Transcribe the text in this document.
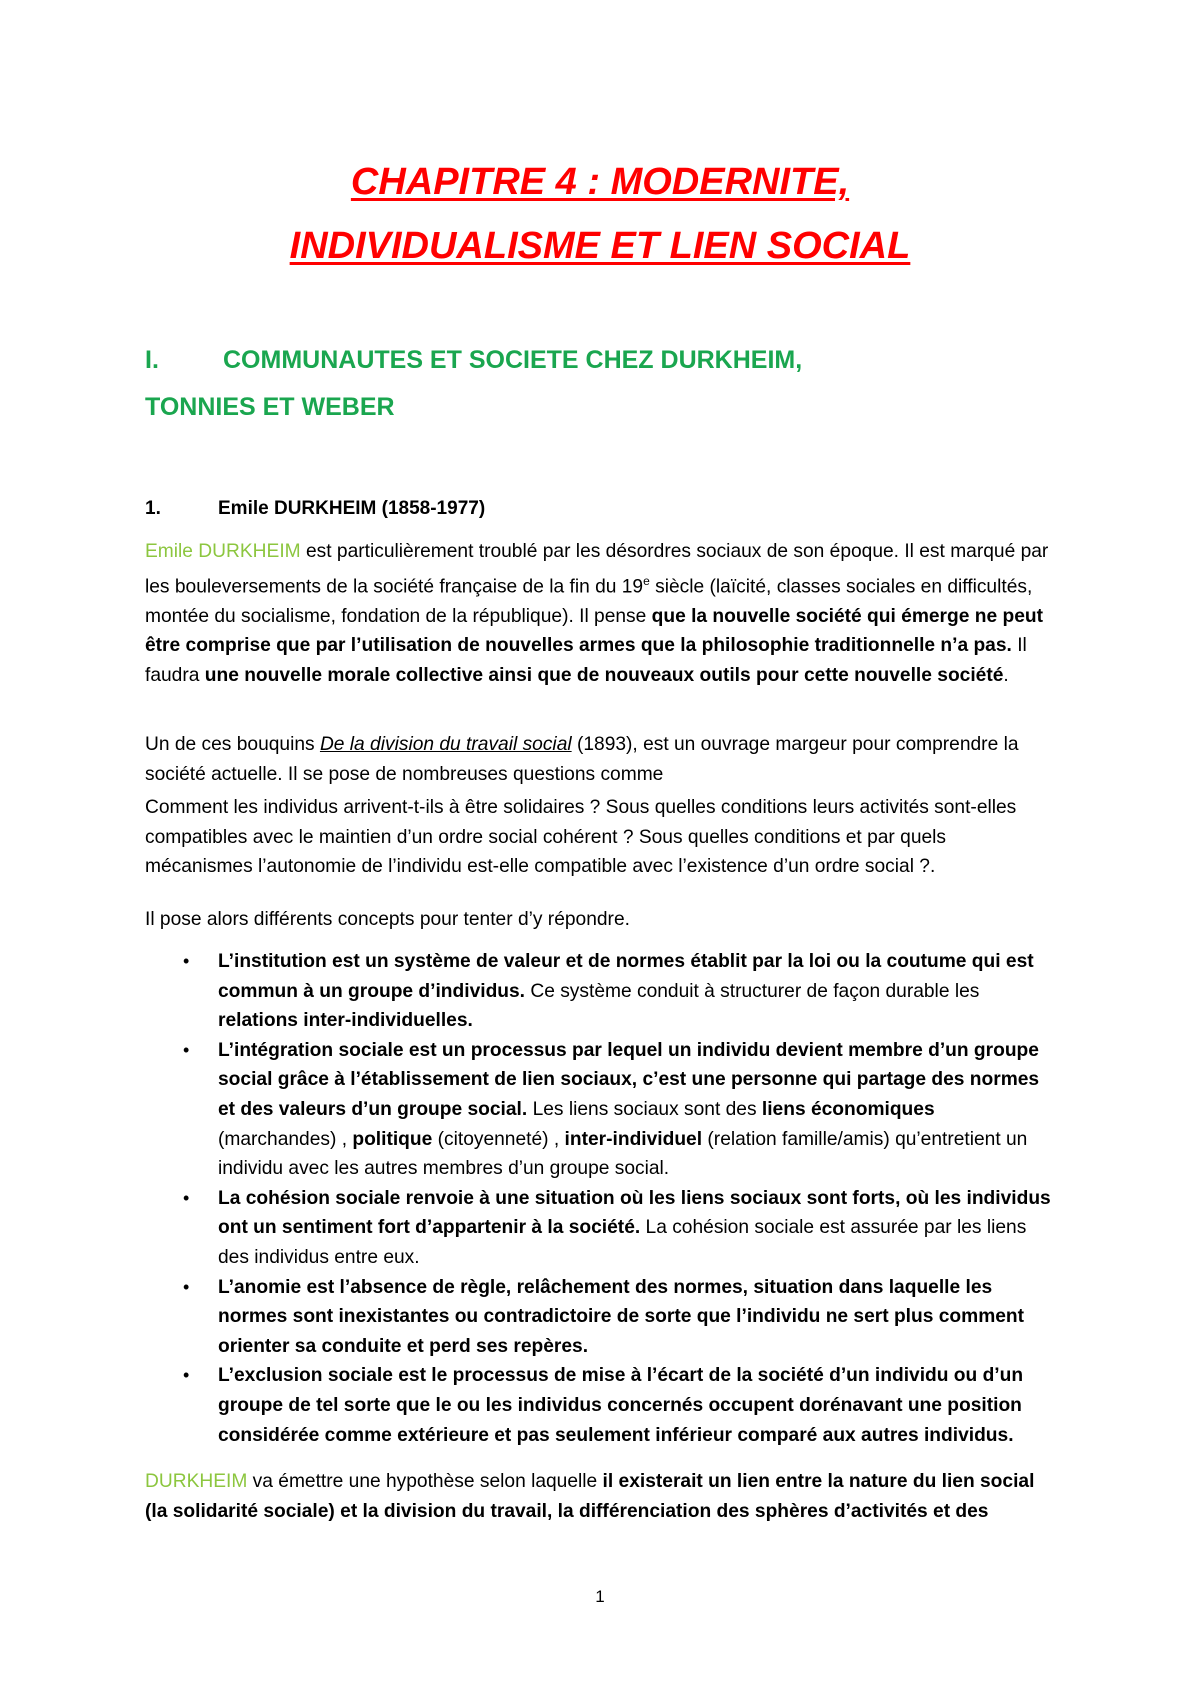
CHAPITRE 4 : MODERNITE,
INDIVIDUALISME ET LIEN SOCIAL
I.	COMMUNAUTES ET SOCIETE CHEZ DURKHEIM,
TONNIES ET WEBER
1.	Emile DURKHEIM (1858-1977)

Emile DURKHEIM est particulièrement troublé par les désordres sociaux de son époque. Il est marqué par les bouleversements de la société française de la fin du 19e siècle (laïcité, classes sociales en difficultés, montée du socialisme, fondation de la république). Il pense que la nouvelle société qui émerge ne peut être comprise que par l’utilisation de nouvelles armes que la philosophie traditionnelle n’a pas. Il faudra une nouvelle morale collective ainsi que de nouveaux outils pour cette nouvelle société.

Un de ces bouquins De la division du travail social (1893), est un ouvrage margeur pour comprendre la société actuelle. Il se pose de nombreuses questions comme

Comment les individus arrivent-t-ils à être solidaires ? Sous quelles conditions leurs activités sont-elles compatibles avec le maintien d’un ordre social cohérent ? Sous quelles conditions et par quels mécanismes l’autonomie de l’individu est-elle compatible avec l’existence d’un ordre social ?.

Il pose alors différents concepts pour tenter d’y répondre.

• L’institution est un système de valeur et de normes établit par la loi ou la coutume qui est commun à un groupe d’individus. Ce système conduit à structurer de façon durable les relations inter-individuelles.
• L’intégration sociale est un processus par lequel un individu devient membre d’un groupe social grâce à l’établissement de lien sociaux, c’est une personne qui partage des normes et des valeurs d’un groupe social. Les liens sociaux sont des liens économiques (marchandes) , politique (citoyenneté) , inter-individuel (relation famille/amis) qu’entretient un individu avec les autres membres d’un groupe social.
• La cohésion sociale renvoie à une situation où les liens sociaux sont forts, où les individus ont un sentiment fort d’appartenir à la société. La cohésion sociale est assurée par les liens des individus entre eux.
• L’anomie est l’absence de règle, relâchement des normes, situation dans laquelle les normes sont inexistantes ou contradictoire de sorte que l’individu ne sert plus comment orienter sa conduite et perd ses repères.
• L’exclusion sociale est le processus de mise à l’écart de la société d’un individu ou d’un groupe de tel sorte que le ou les individus concernés occupent dorénavant une position considérée comme extérieure et pas seulement inférieur comparé aux autres individus.

DURKHEIM va émettre une hypothèse selon laquelle il existerait un lien entre la nature du lien social (la solidarité sociale) et la division du travail, la différenciation des sphères d’activités et des

1
